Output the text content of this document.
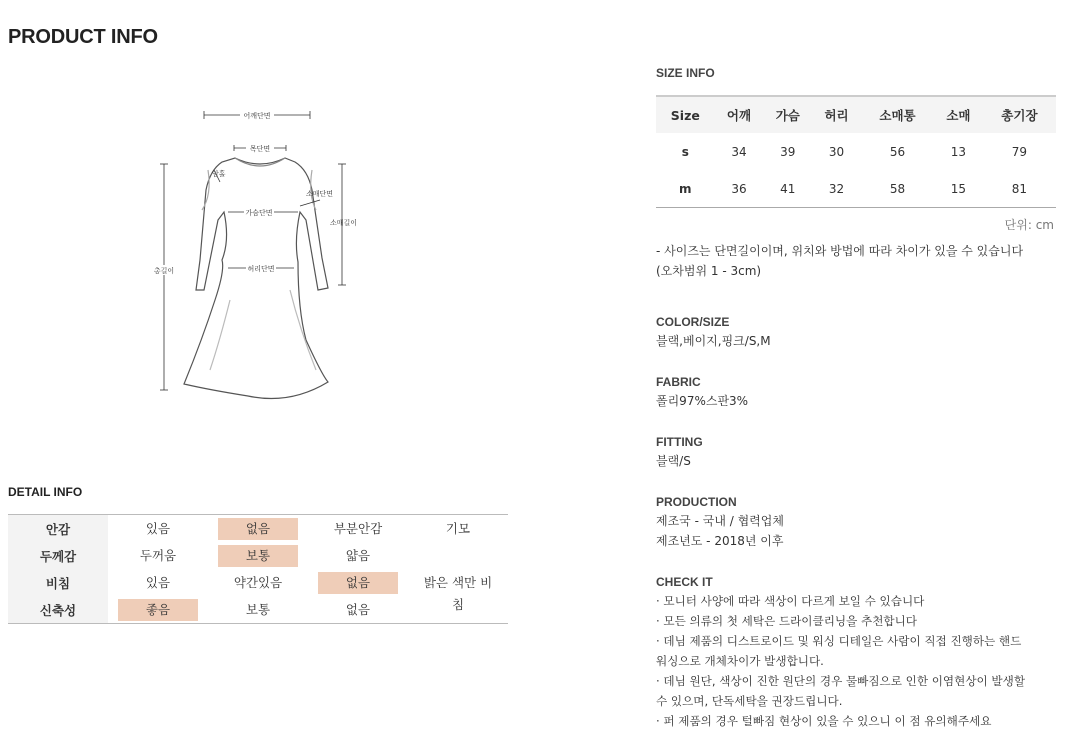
PRODUCT INFO
어깨단면
목단면
암홀
소매단면
가슴단면
소매길이
총길이	허리단면
DETAIL INFO
안감	있음	없음	부분안감	기모

두께감	두꺼움	보통	얇음	

비침	있음	약간있음	없음	밝은 색만 비침

신축성	좋음	보통	없음	

SIZE INFO
Size	어깨	가슴	허리	소매통	소매	총기장
s	34	39	30	56	13	79
m	36	41	32	58	15	81
단위: cm
- 사이즈는 단면길이이며, 위치와 방법에 따라 차이가 있을 수 있습니다
(오차범위 1 - 3cm)
COLOR/SIZE
블랙,베이지,핑크/S,M
FABRIC
폴리97%스판3%
FITTING
블랙/S
PRODUCTION
제조국 - 국내 / 협력업체
제조년도 - 2018년 이후
CHECK IT
· 모니터 사양에 따라 색상이 다르게 보일 수 있습니다
· 모든 의류의 첫 세탁은 드라이클리닝을 추천합니다
· 데님 제품의 디스트로이드 및 워싱 디테일은 사람이 직접 진행하는 핸드
워싱으로 개체차이가 발생합니다.
· 데님 원단, 색상이 진한 원단의 경우 물빠짐으로 인한 이염현상이 발생할
수 있으며, 단독세탁을 권장드립니다.
· 퍼 제품의 경우 털빠짐 현상이 있을 수 있으니 이 점 유의해주세요
